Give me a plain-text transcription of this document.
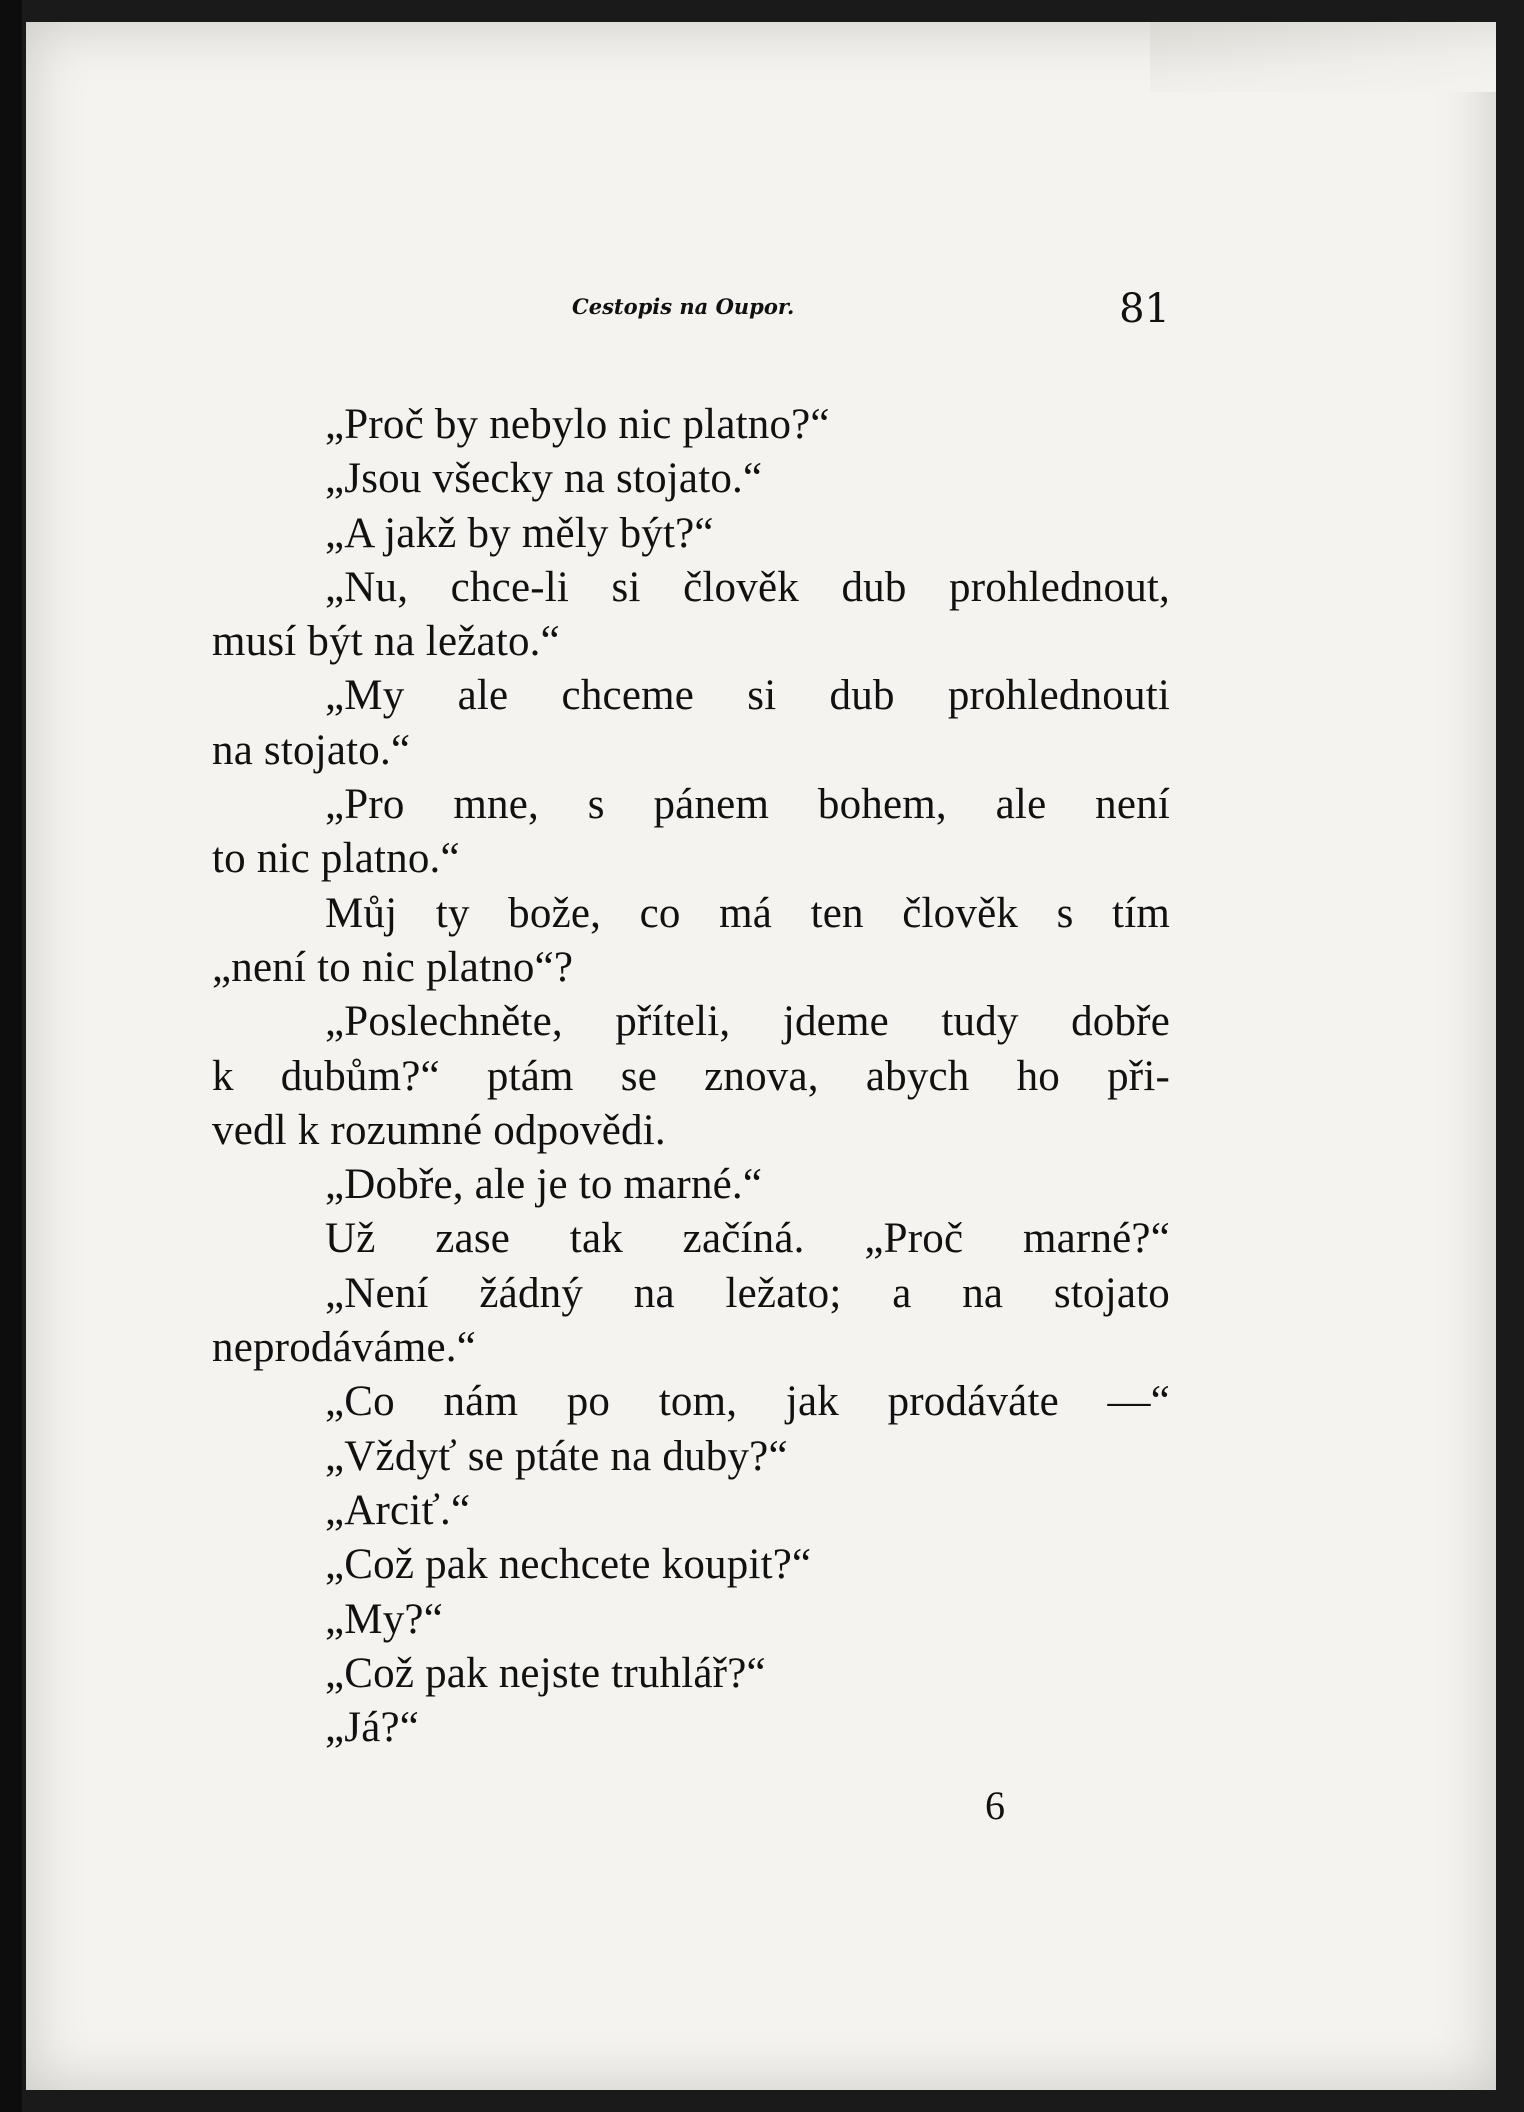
Cestopis na Oupor.	81
„Proč by nebylo nic platno?“
„Jsou všecky na stojato.“
„A jakž by měly být?“
„Nu, chce-li si člověk dub prohlednout,
musí být na ležato.“
„My ale chceme si dub prohlednouti
na stojato.“
„Pro mne, s pánem bohem, ale není
to nic platno.“
Můj ty bože, co má ten člověk s tím
„není to nic platno“?
„Poslechněte, příteli, jdeme tudy dobře
k dubům?“ ptám se znova, abych ho při-
vedl k rozumné odpovědi.
„Dobře, ale je to marné.“
Už zase tak začíná. „Proč marné?“
„Není žádný na ležato; a na stojato
neprodáváme.“
„Co nám po tom, jak prodáváte —“
„Vždyť se ptáte na duby?“
„Arciť.“
„Což pak nechcete koupit?“
„My?“
„Což pak nejste truhlář?“
„Já?“
6
